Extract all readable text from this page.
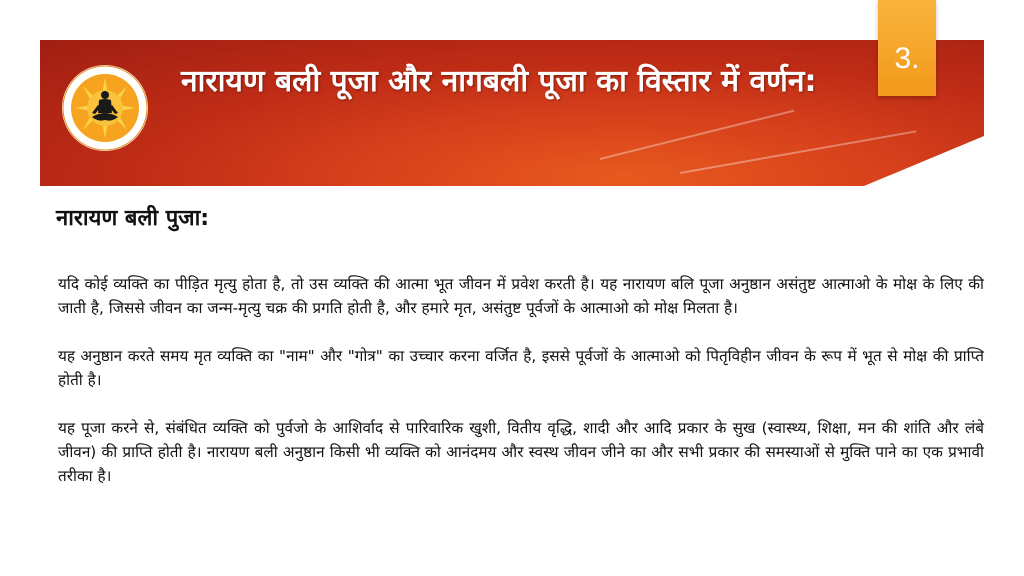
नारायण बली पूजा और नागबली पूजा का विस्तार में वर्णन:
3.
नारायण बली पुजा:

यदि कोई व्यक्ति का पीड़ित मृत्यु होता है, तो उस व्यक्ति की आत्मा भूत जीवन में प्रवेश करती है। यह नारायण बलि पूजा अनुष्ठान असंतुष्ट आत्माओ के मोक्ष के लिए की जाती है, जिससे जीवन का जन्म-मृत्यु चक्र की प्रगति होती है, और हमारे मृत, असंतुष्ट पूर्वजों के आत्माओ को मोक्ष मिलता है।

यह अनुष्ठान करते समय मृत व्यक्ति का "नाम" और "गोत्र" का उच्चार करना वर्जित है, इससे पूर्वजों के आत्माओ को पितृविहीन जीवन के रूप में भूत से मोक्ष की प्राप्ति होती है।

यह पूजा करने से, संबंधित व्यक्ति को पुर्वजो के आशिर्वाद से पारिवारिक खुशी, वितीय वृद्धि, शादी और आदि प्रकार के सुख (स्वास्थ्य, शिक्षा, मन की शांति और लंबे जीवन) की प्राप्ति होती है। नारायण बली अनुष्ठान किसी भी व्यक्ति को आनंदमय और स्वस्थ जीवन जीने का और सभी प्रकार की समस्याओं से मुक्ति पाने का एक प्रभावी तरीका है।
